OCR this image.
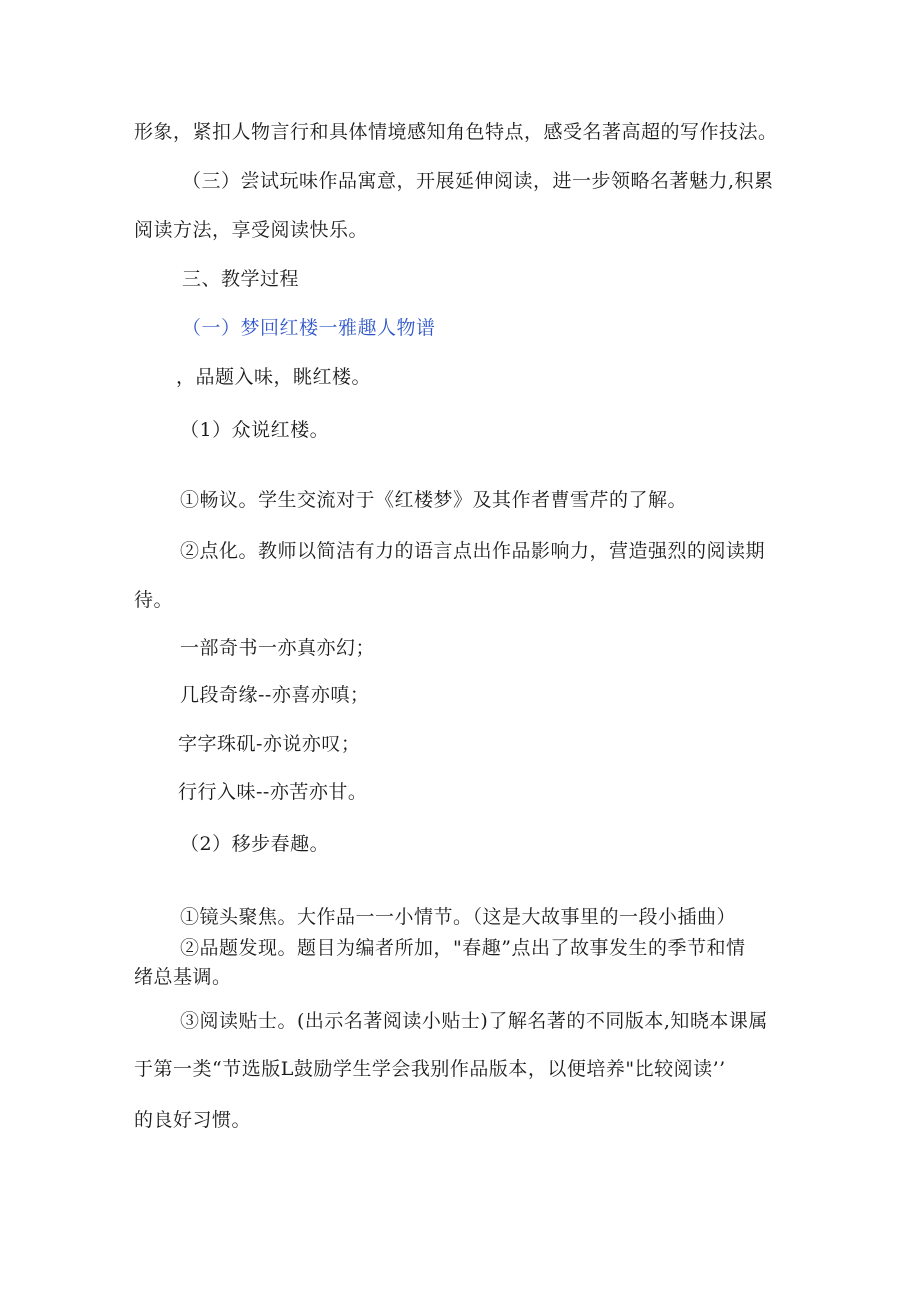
形象，紧扣人物言行和具体情境感知角色特点，感受名著高超的写作技法。
（三）尝试玩味作品寓意，开展延伸阅读，进一步领略名著魅力,积累
阅读方法，享受阅读快乐。
三、教学过程
（一）梦回红楼一雅趣人物谱
，品题入味，眺红楼。
（1）众说红楼。
①畅议。学生交流对于《红楼梦》及其作者曹雪芹的了解。
②点化。教师以简洁有力的语言点出作品影响力，营造强烈的阅读期
待。
一部奇书一亦真亦幻；
几段奇缘--亦喜亦嗔；
字字珠矶-亦说亦叹；
行行入味--亦苦亦甘。
（2）移步春趣。
①镜头聚焦。大作品一一小情节。（这是大故事里的一段小插曲）
②品题发现。题目为编者所加，"春趣”点出了故事发生的季节和情
绪总基调。
③阅读贴士。(出示名著阅读小贴士)了解名著的不同版本,知晓本课属
于第一类“节选版L鼓励学生学会我别作品版本，以便培养"比较阅读’’
的良好习惯。
